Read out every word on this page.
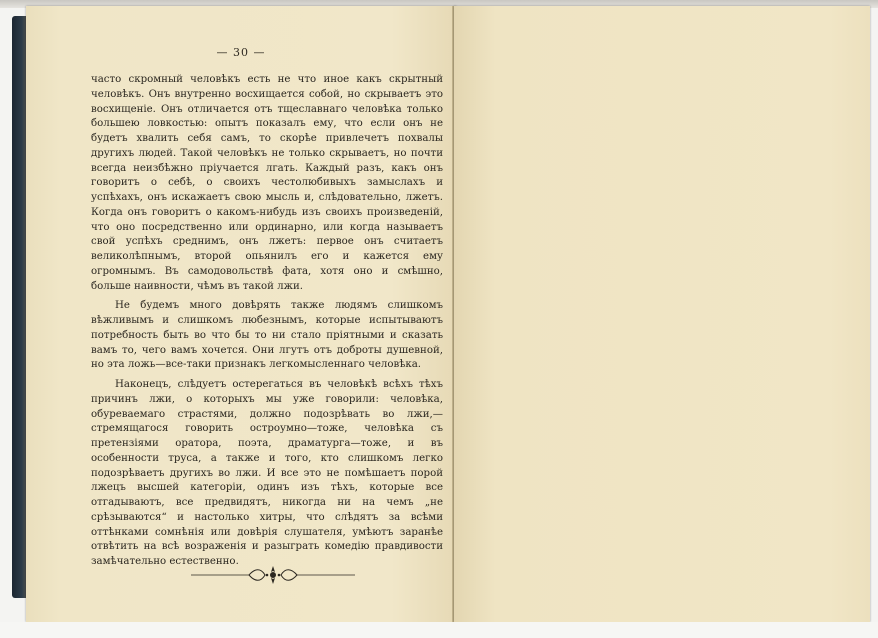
— 30 —

часто скромный человѣкъ есть не что иное какъ скрытный человѣкъ. Онъ внутренно восхищается собой, но скрываетъ это восхищеніе. Онъ отличается отъ тщеславнаго человѣка только большею ловкостью: опытъ показалъ ему, что если онъ не будетъ хвалить себя самъ, то скорѣе привлечетъ похвалы другихъ людей. Такой человѣкъ не только скрываетъ, но почти всегда неизбѣжно пріучается лгать. Каждый разъ, какъ онъ говоритъ о себѣ, о своихъ честолюбивыхъ замыслахъ и успѣхахъ, онъ искажаетъ свою мысль и, слѣдовательно, лжетъ. Когда онъ говоритъ о какомъ-нибудь изъ своихъ произведеній, что оно посредственно или ординарно, или когда называетъ свой успѣхъ среднимъ, онъ лжетъ: первое онъ считаетъ великолѣпнымъ, второй опьянилъ его и кажется ему огромнымъ. Въ самодовольствѣ фата, хотя оно и смѣшно, больше наивности, чѣмъ въ такой лжи.

Не будемъ много довѣрять также людямъ слишкомъ вѣжливымъ и слишкомъ любезнымъ, которые испытываютъ потребность быть во что бы то ни стало пріятными и сказать вамъ то, чего вамъ хочется. Они лгутъ отъ доброты душевной, но эта ложь—все-таки признакъ легкомысленнаго человѣка.

Наконецъ, слѣдуетъ остерегаться въ человѣкѣ всѣхъ тѣхъ причинъ лжи, о которыхъ мы уже говорили: человѣка, обуреваемаго страстями, должно подозрѣвать во лжи,—стремящагося говорить остроумно—тоже, человѣка съ претензіями оратора, поэта, драматурга—тоже, и въ особенности труса, а также и того, кто слишкомъ легко подозрѣваетъ другихъ во лжи. И все это не помѣшаетъ порой лжецъ высшей категоріи, одинъ изъ тѣхъ, которые все отгадываютъ, все предвидятъ, никогда ни на чемъ „не срѣзываются“ и настолько хитры, что слѣдятъ за всѣми оттѣнками сомнѣнія или довѣрія слушателя, умѣютъ заранѣе отвѣтить на всѣ возраженія и разыграть комедію правдивости замѣчательно естественно.
